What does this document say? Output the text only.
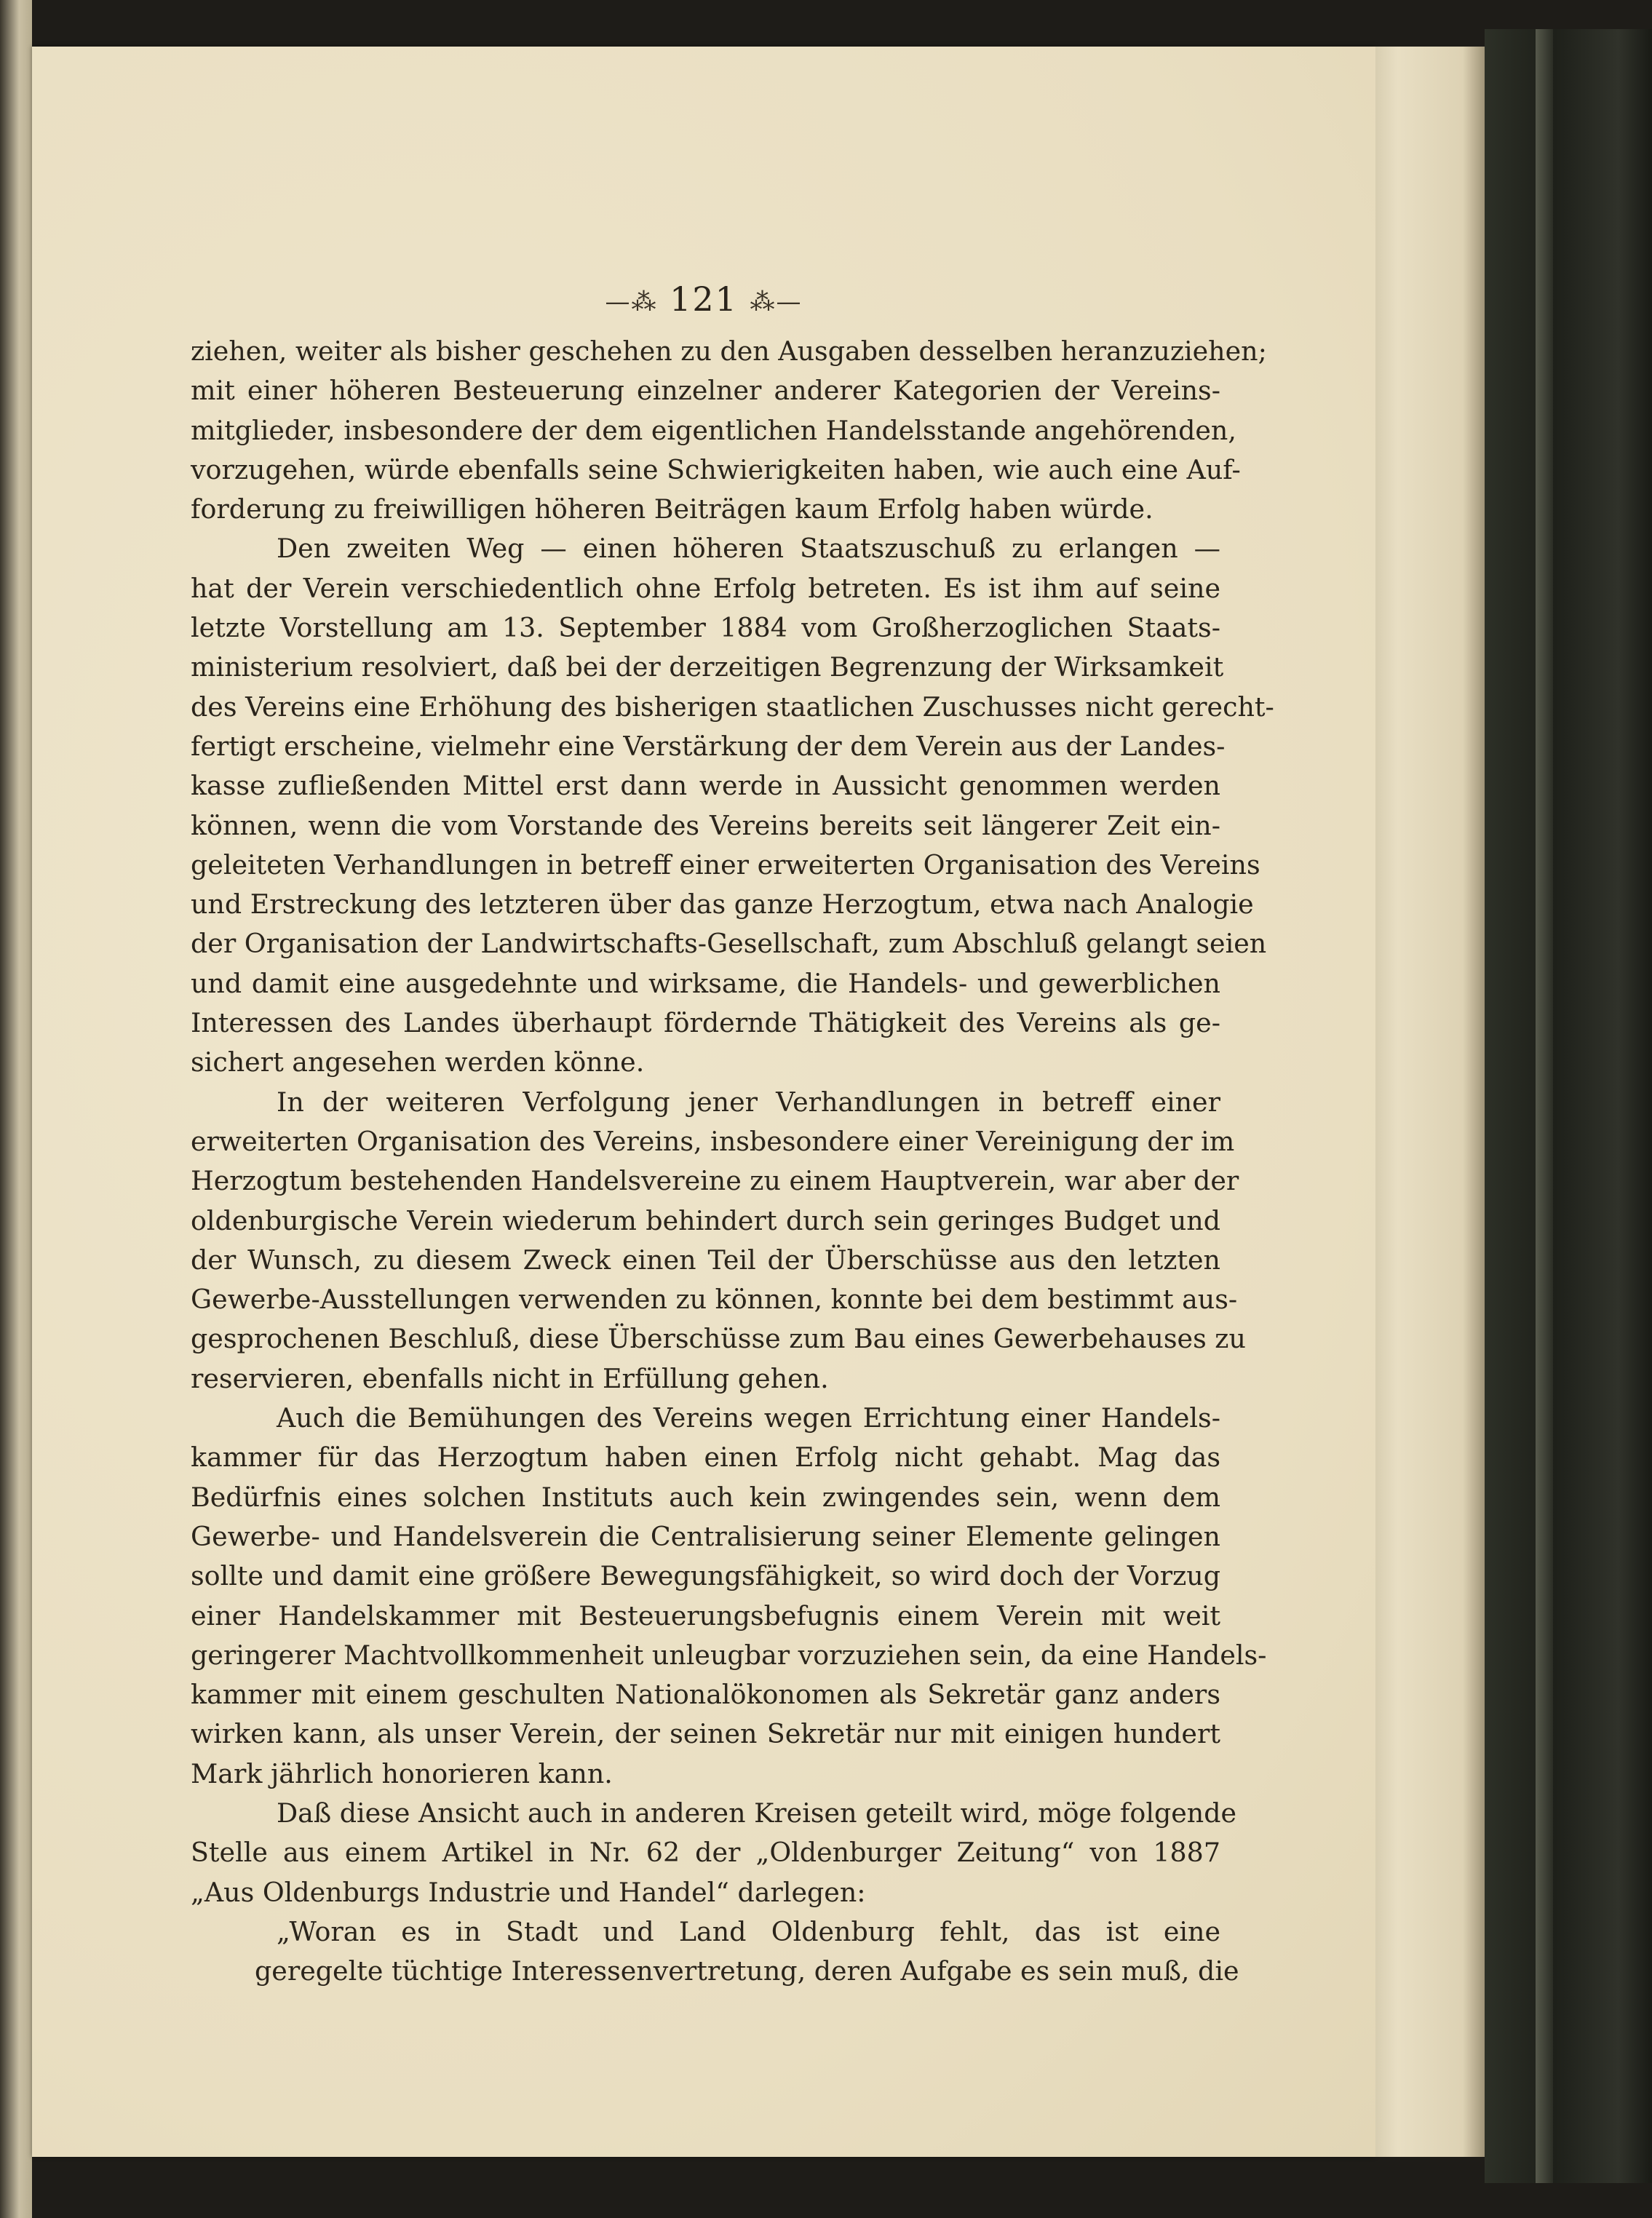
—⁂ 121 ⁂—
ziehen, weiter als bisher geschehen zu den Ausgaben desselben heranzuziehen;
mit einer höheren Besteuerung einzelner anderer Kategorien der Vereins-
mitglieder, insbesondere der dem eigentlichen Handelsstande angehörenden,
vorzugehen, würde ebenfalls seine Schwierigkeiten haben, wie auch eine Auf-
forderung zu freiwilligen höheren Beiträgen kaum Erfolg haben würde.
Den zweiten Weg — einen höheren Staatszuschuß zu erlangen —
hat der Verein verschiedentlich ohne Erfolg betreten. Es ist ihm auf seine
letzte Vorstellung am 13. September 1884 vom Großherzoglichen Staats-
ministerium resolviert, daß bei der derzeitigen Begrenzung der Wirksamkeit
des Vereins eine Erhöhung des bisherigen staatlichen Zuschusses nicht gerecht-
fertigt erscheine, vielmehr eine Verstärkung der dem Verein aus der Landes-
kasse zufließenden Mittel erst dann werde in Aussicht genommen werden
können, wenn die vom Vorstande des Vereins bereits seit längerer Zeit ein-
geleiteten Verhandlungen in betreff einer erweiterten Organisation des Vereins
und Erstreckung des letzteren über das ganze Herzogtum, etwa nach Analogie
der Organisation der Landwirtschafts-Gesellschaft, zum Abschluß gelangt seien
und damit eine ausgedehnte und wirksame, die Handels- und gewerblichen
Interessen des Landes überhaupt fördernde Thätigkeit des Vereins als ge-
sichert angesehen werden könne.
In der weiteren Verfolgung jener Verhandlungen in betreff einer
erweiterten Organisation des Vereins, insbesondere einer Vereinigung der im
Herzogtum bestehenden Handelsvereine zu einem Hauptverein, war aber der
oldenburgische Verein wiederum behindert durch sein geringes Budget und
der Wunsch, zu diesem Zweck einen Teil der Überschüsse aus den letzten
Gewerbe-Ausstellungen verwenden zu können, konnte bei dem bestimmt aus-
gesprochenen Beschluß, diese Überschüsse zum Bau eines Gewerbehauses zu
reservieren, ebenfalls nicht in Erfüllung gehen.
Auch die Bemühungen des Vereins wegen Errichtung einer Handels-
kammer für das Herzogtum haben einen Erfolg nicht gehabt. Mag das
Bedürfnis eines solchen Instituts auch kein zwingendes sein, wenn dem
Gewerbe- und Handelsverein die Centralisierung seiner Elemente gelingen
sollte und damit eine größere Bewegungsfähigkeit, so wird doch der Vorzug
einer Handelskammer mit Besteuerungsbefugnis einem Verein mit weit
geringerer Machtvollkommenheit unleugbar vorzuziehen sein, da eine Handels-
kammer mit einem geschulten Nationalökonomen als Sekretär ganz anders
wirken kann, als unser Verein, der seinen Sekretär nur mit einigen hundert
Mark jährlich honorieren kann.
Daß diese Ansicht auch in anderen Kreisen geteilt wird, möge folgende
Stelle aus einem Artikel in Nr. 62 der „Oldenburger Zeitung“ von 1887
„Aus Oldenburgs Industrie und Handel“ darlegen:
„Woran es in Stadt und Land Oldenburg fehlt, das ist eine
geregelte tüchtige Interessenvertretung, deren Aufgabe es sein muß, die
